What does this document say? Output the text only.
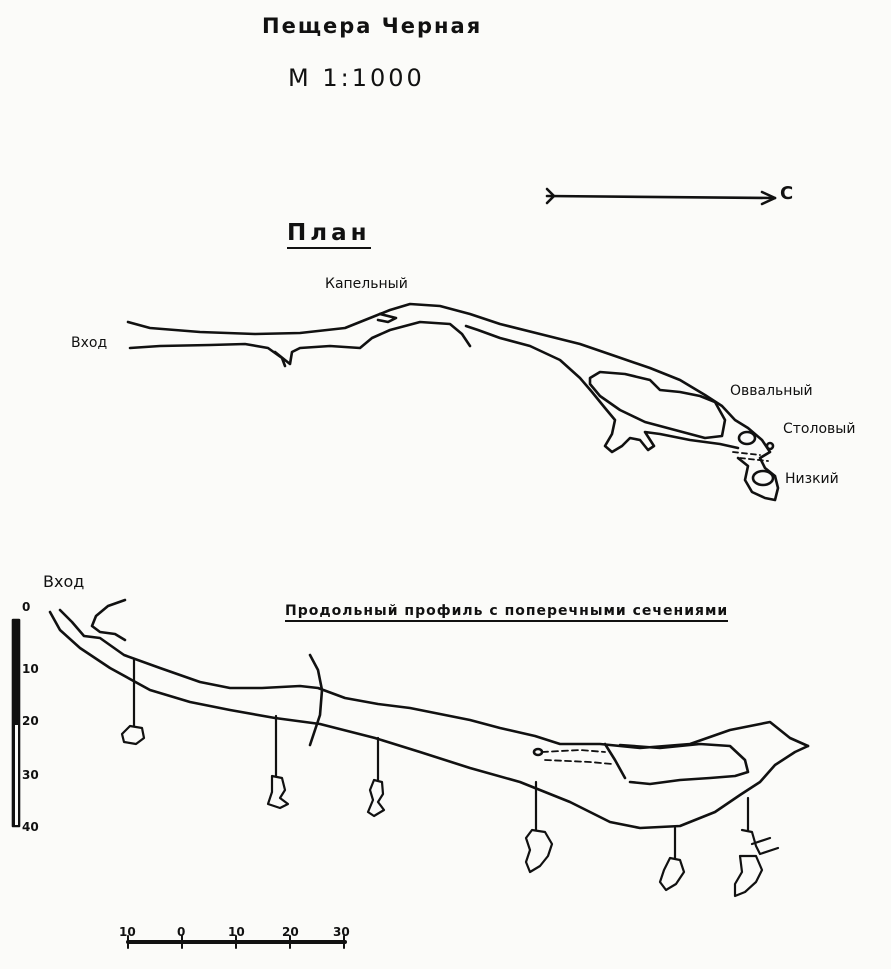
Пещера Черная
М 1:1000
С
План
Капельный
Вход
Оввальный
Столовый
Низкий
Вход
Продольный профиль с поперечными сечениями
0
10
20
30
40
10	0	10	20	30
